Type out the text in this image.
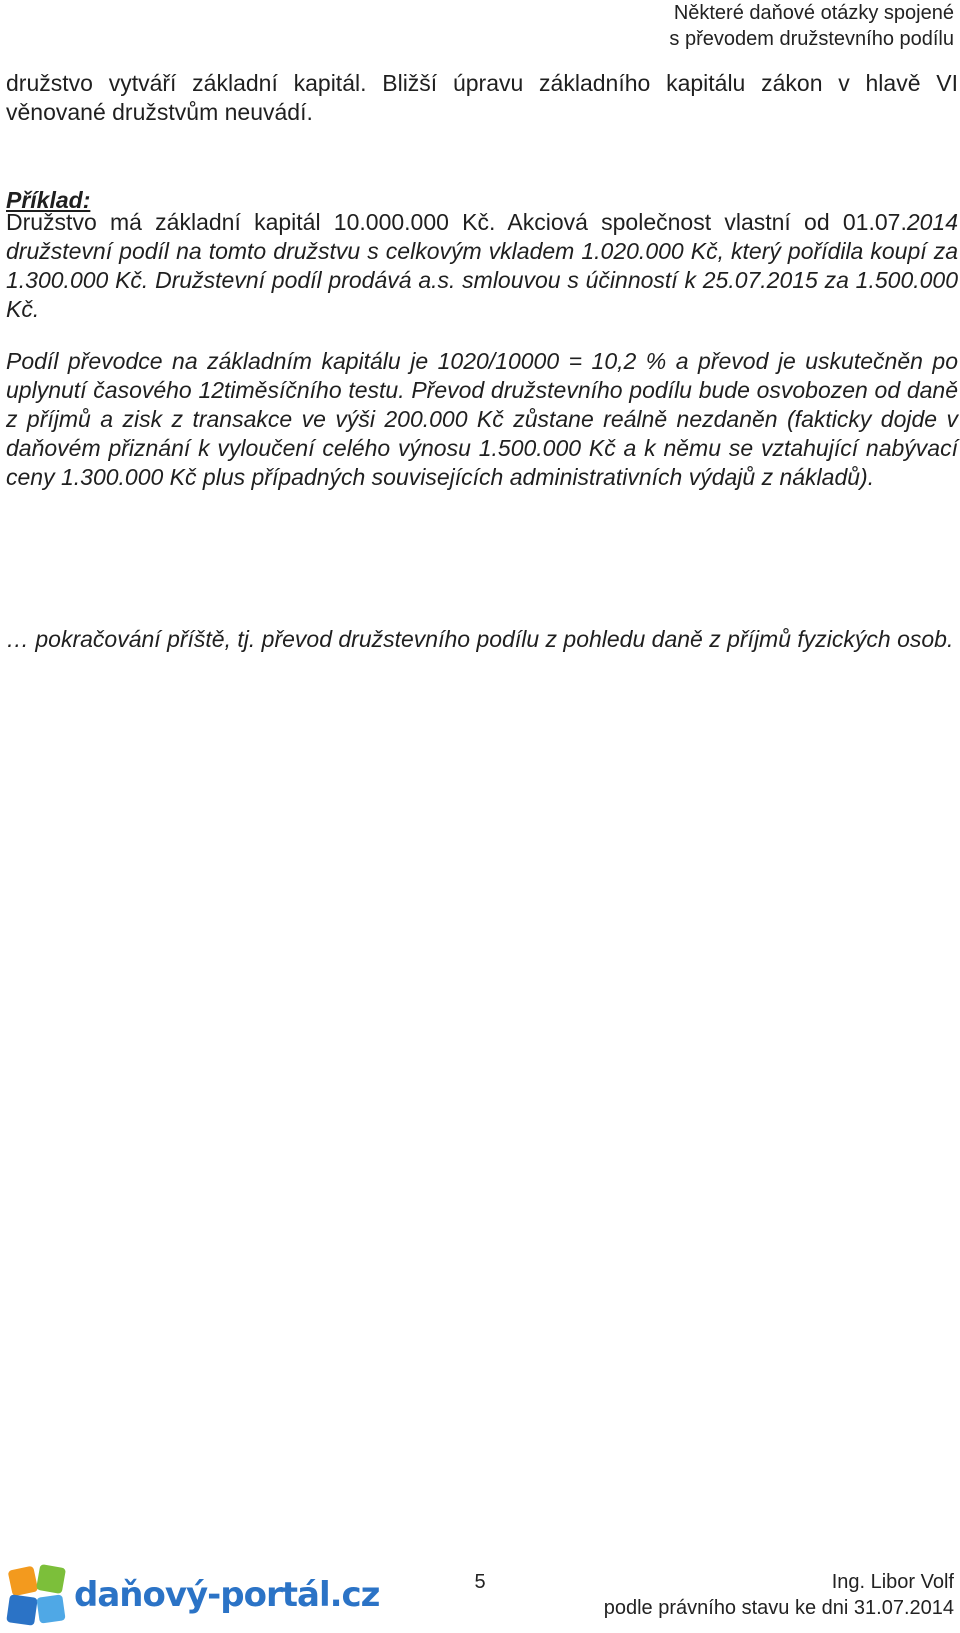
Některé daňové otázky spojené
s převodem družstevního podílu
družstvo vytváří základní kapitál. Bližší úpravu základního kapitálu zákon v hlavě VI věnované družstvům neuvádí.
Příklad:
Družstvo má základní kapitál 10.000.000 Kč. Akciová společnost vlastní od 01.07.2014 družstevní podíl na tomto družstvu s celkovým vkladem 1.020.000 Kč, který pořídila koupí za 1.300.000 Kč. Družstevní podíl prodává a.s. smlouvou s účinností k 25.07.2015 za 1.500.000 Kč.
Podíl převodce na základním kapitálu je 1020/10000 = 10,2 % a převod je uskutečněn po uplynutí časového 12timěsíčního testu. Převod družstevního podílu bude osvobozen od daně z příjmů a zisk z transakce ve výši 200.000 Kč zůstane reálně nezdaněn (fakticky dojde v daňovém přiznání k vyloučení celého výnosu 1.500.000 Kč a k němu se vztahující nabývací ceny 1.300.000 Kč plus případných souvisejících administrativních výdajů z nákladů).
… pokračování příště, tj. převod družstevního podílu z pohledu daně z příjmů fyzických osob.
daňový-portál.cz	5	Ing. Libor Volf
podle právního stavu ke dni 31.07.2014
